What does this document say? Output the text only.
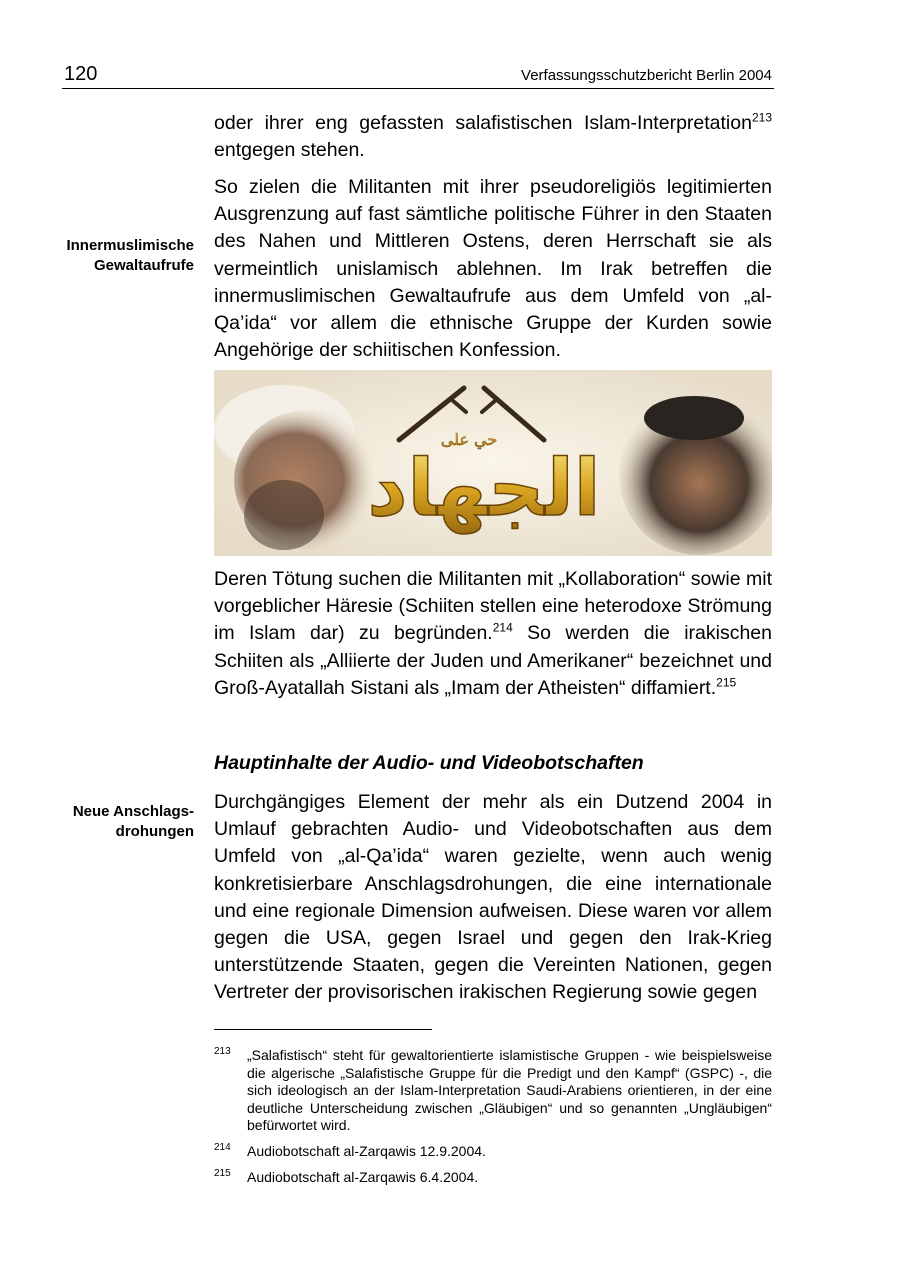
120	Verfassungsschutzbericht Berlin 2004
Innermuslimische
Gewaltaufrufe
Neue Anschlags-
drohungen

oder ihrer eng gefassten salafistischen Islam-Interpretation$^{213}$ entgegen stehen.

So zielen die Militanten mit ihrer pseudoreligiös legitimierten Ausgrenzung auf fast sämtliche politische Führer in den Staaten des Nahen und Mittleren Ostens, deren Herrschaft sie als vermeintlich unislamisch ablehnen. Im Irak betreffen die innermuslimischen Gewaltaufrufe aus dem Umfeld von „al-Qa’ida“ vor allem die ethnische Gruppe der Kurden sowie Angehörige der schiitischen Konfession.

حي على
الجهاد

Deren Tötung suchen die Militanten mit „Kollaboration“ sowie mit vorgeblicher Häresie (Schiiten stellen eine heterodoxe Strömung im Islam dar) zu begründen.$^{214}$ So werden die irakischen Schiiten als „Alliierte der Juden und Amerikaner“ bezeichnet und Groß-Ayatallah Sistani als „Imam der Atheisten“ diffamiert.$^{215}$

Hauptinhalte der Audio- und Videobotschaften

Durchgängiges Element der mehr als ein Dutzend 2004 in Umlauf gebrachten Audio- und Videobotschaften aus dem Umfeld von „al-Qa’ida“ waren gezielte, wenn auch wenig konkretisierbare Anschlagsdrohungen, die eine internationale und eine regionale Dimension aufweisen. Diese waren vor allem gegen die USA, gegen Israel und gegen den Irak-Krieg unterstützende Staaten, gegen die Vereinten Nationen, gegen Vertreter der provisorischen irakischen Regierung sowie gegen

213 „Salafistisch“ steht für gewaltorientierte islamistische Gruppen - wie beispielsweise die algerische „Salafistische Gruppe für die Predigt und den Kampf“ (GSPC) -, die sich ideologisch an der Islam-Interpretation Saudi-Arabiens orientieren, in der eine deutliche Unterscheidung zwischen „Gläubigen“ und so genannten „Ungläubigen“ befürwortet wird.
214 Audiobotschaft al-Zarqawis 12.9.2004.
215 Audiobotschaft al-Zarqawis 6.4.2004.
